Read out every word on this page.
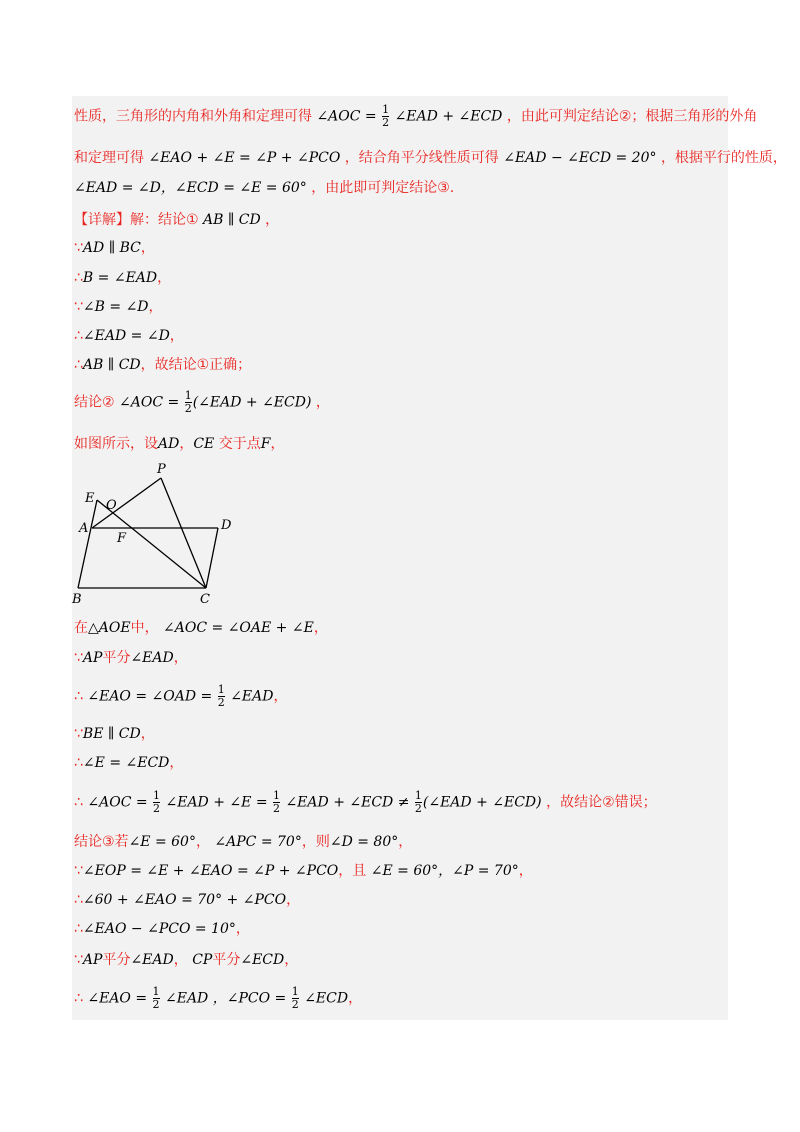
性质，三角形的内角和外角和定理可得 ∠AOC = $\frac{1}{2}$ ∠EAD + ∠ECD ，由此可判定结论②；根据三角形的外角
和定理可得 ∠EAO + ∠E = ∠P + ∠PCO ，结合角平分线性质可得 ∠EAD − ∠ECD = 20° ，根据平行的性质，
∠EAD = ∠D，∠ECD = ∠E = 60° ，由此即可判定结论③.
【详解】解：结论① AB ∥ CD ，
∵AD ∥ BC，
∴B = ∠EAD，
∵∠B = ∠D，
∴∠EAD = ∠D，
∴AB ∥ CD，故结论①正确；
结论② ∠AOC = $\frac{1}{2}$ (∠EAD + ∠ECD) ，
如图所示，设AD，CE 交于点F，
P
E O
A	D
F
B	C
在△AOE中， ∠AOC = ∠OAE + ∠E，
∵AP平分∠EAD，
∴ ∠EAO = ∠OAD = $\frac{1}{2}$ ∠EAD，
∵BE ∥ CD，
∴∠E = ∠ECD，
∴ ∠AOC = $\frac{1}{2}$ ∠EAD + ∠E = $\frac{1}{2}$ ∠EAD + ∠ECD ≠ $\frac{1}{2}$ (∠EAD + ∠ECD) ，故结论②错误；
结论③若∠E = 60°， ∠APC = 70°，则∠D = 80°，
∵∠EOP = ∠E + ∠EAO = ∠P + ∠PCO，且 ∠E = 60°，∠P = 70°，
∴∠60 + ∠EAO = 70° + ∠PCO，
∴∠EAO − ∠PCO = 10°，
∵AP平分∠EAD， CP平分∠ECD，
∴ ∠EAO = $\frac{1}{2}$ ∠EAD ，∠PCO = $\frac{1}{2}$ ∠ECD，
